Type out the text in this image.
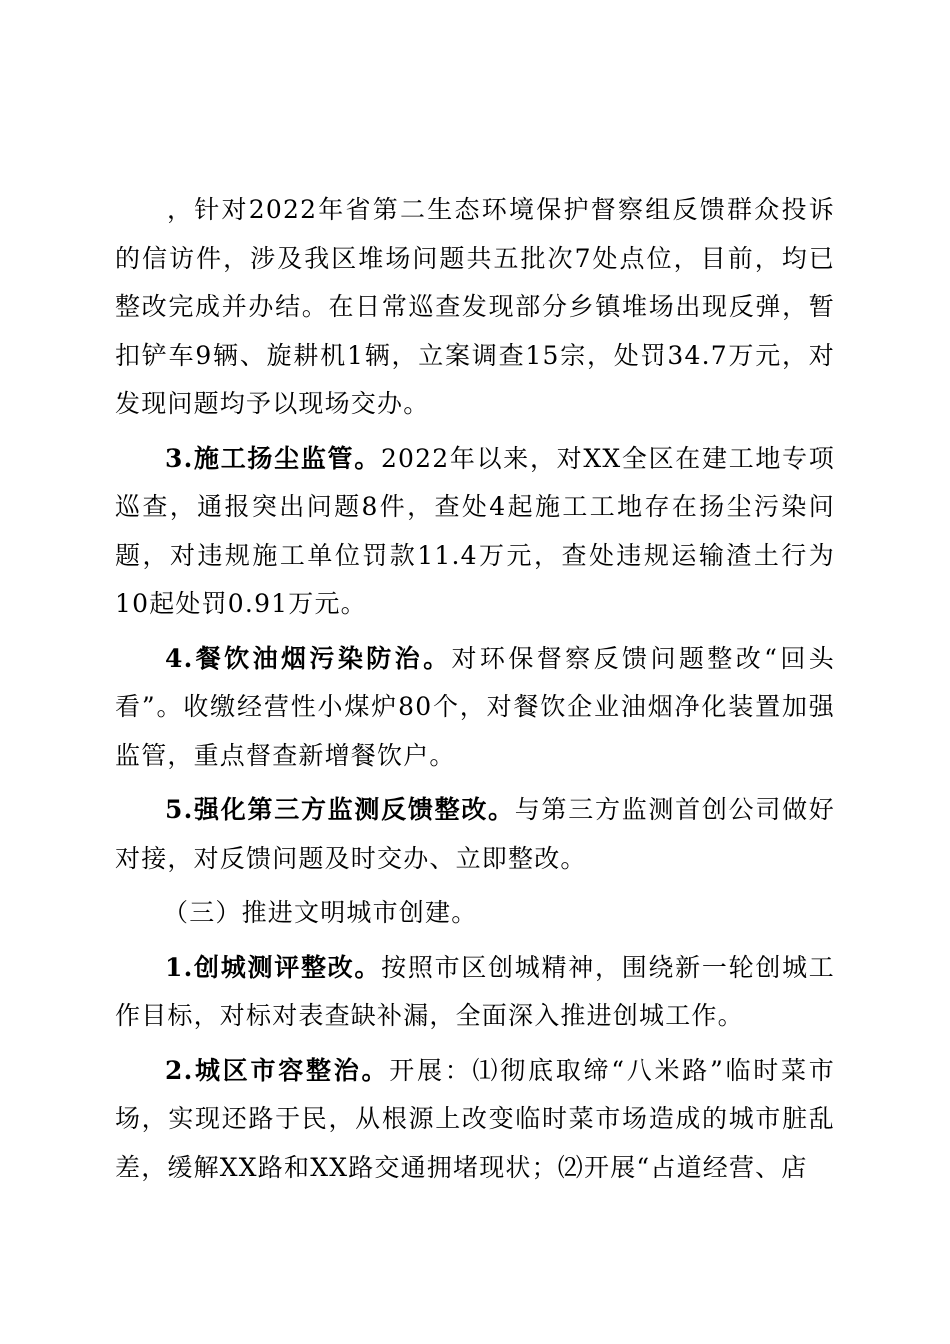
，针对2022年省第二生态环境保护督察组反馈群众投诉的信访件，涉及我区堆场问题共五批次7处点位，目前，均已整改完成并办结。在日常巡查发现部分乡镇堆场出现反弹，暂扣铲车9辆、旋耕机1辆，立案调查15宗，处罚34.7万元，对发现问题均予以现场交办。

3.施工扬尘监管。2022年以来，对XX全区在建工地专项巡查，通报突出问题8件，查处4起施工工地存在扬尘污染问题，对违规施工单位罚款11.4万元，查处违规运输渣土行为10起处罚0.91万元。

4.餐饮油烟污染防治。对环保督察反馈问题整改“回头看”。收缴经营性小煤炉80个，对餐饮企业油烟净化装置加强监管，重点督查新增餐饮户。

5.强化第三方监测反馈整改。与第三方监测首创公司做好对接，对反馈问题及时交办、立即整改。

（三）推进文明城市创建。

1.创城测评整改。按照市区创城精神，围绕新一轮创城工作目标，对标对表查缺补漏，全面深入推进创城工作。

2.城区市容整治。开展：⑴彻底取缔“八米路”临时菜市场，实现还路于民，从根源上改变临时菜市场造成的城市脏乱差，缓解XX路和XX路交通拥堵现状；⑵开展“占道经营、店
